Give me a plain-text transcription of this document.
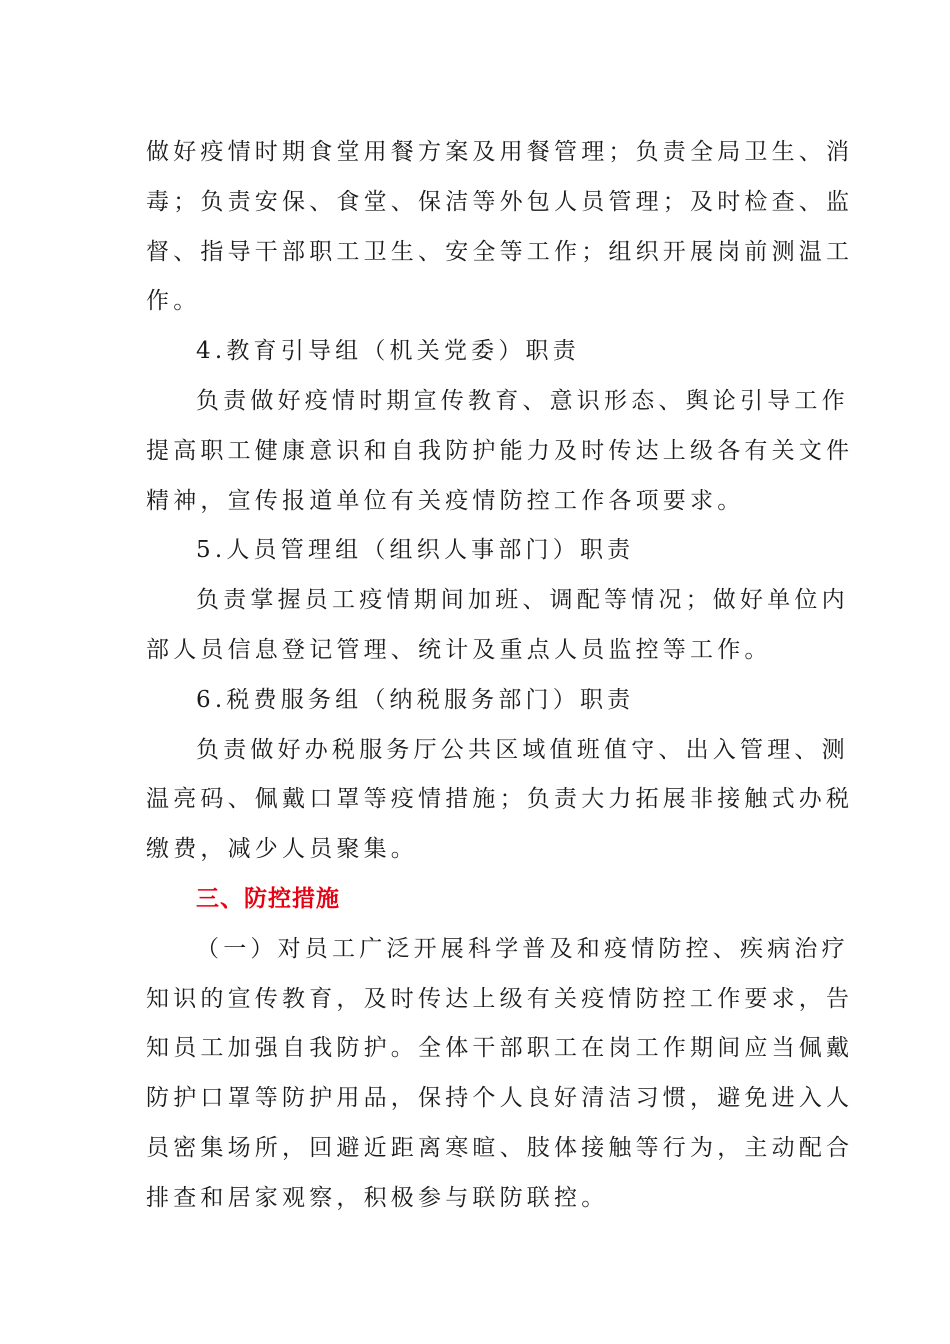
做好疫情时期食堂用餐方案及用餐管理；负责全局卫生、消
毒；负责安保、食堂、保洁等外包人员管理；及时检查、监
督、指导干部职工卫生、安全等工作；组织开展岗前测温工
作。
4.教育引导组（机关党委）职责
负责做好疫情时期宣传教育、意识形态、舆论引导工作
提高职工健康意识和自我防护能力及时传达上级各有关文件
精神，宣传报道单位有关疫情防控工作各项要求。
5.人员管理组（组织人事部门）职责
负责掌握员工疫情期间加班、调配等情况；做好单位内
部人员信息登记管理、统计及重点人员监控等工作。
6.税费服务组（纳税服务部门）职责
负责做好办税服务厅公共区域值班值守、出入管理、测
温亮码、佩戴口罩等疫情措施；负责大力拓展非接触式办税
缴费，减少人员聚集。
三、防控措施
（一）对员工广泛开展科学普及和疫情防控、疾病治疗
知识的宣传教育，及时传达上级有关疫情防控工作要求，告
知员工加强自我防护。全体干部职工在岗工作期间应当佩戴
防护口罩等防护用品，保持个人良好清洁习惯，避免进入人
员密集场所，回避近距离寒暄、肢体接触等行为，主动配合
排查和居家观察，积极参与联防联控。
